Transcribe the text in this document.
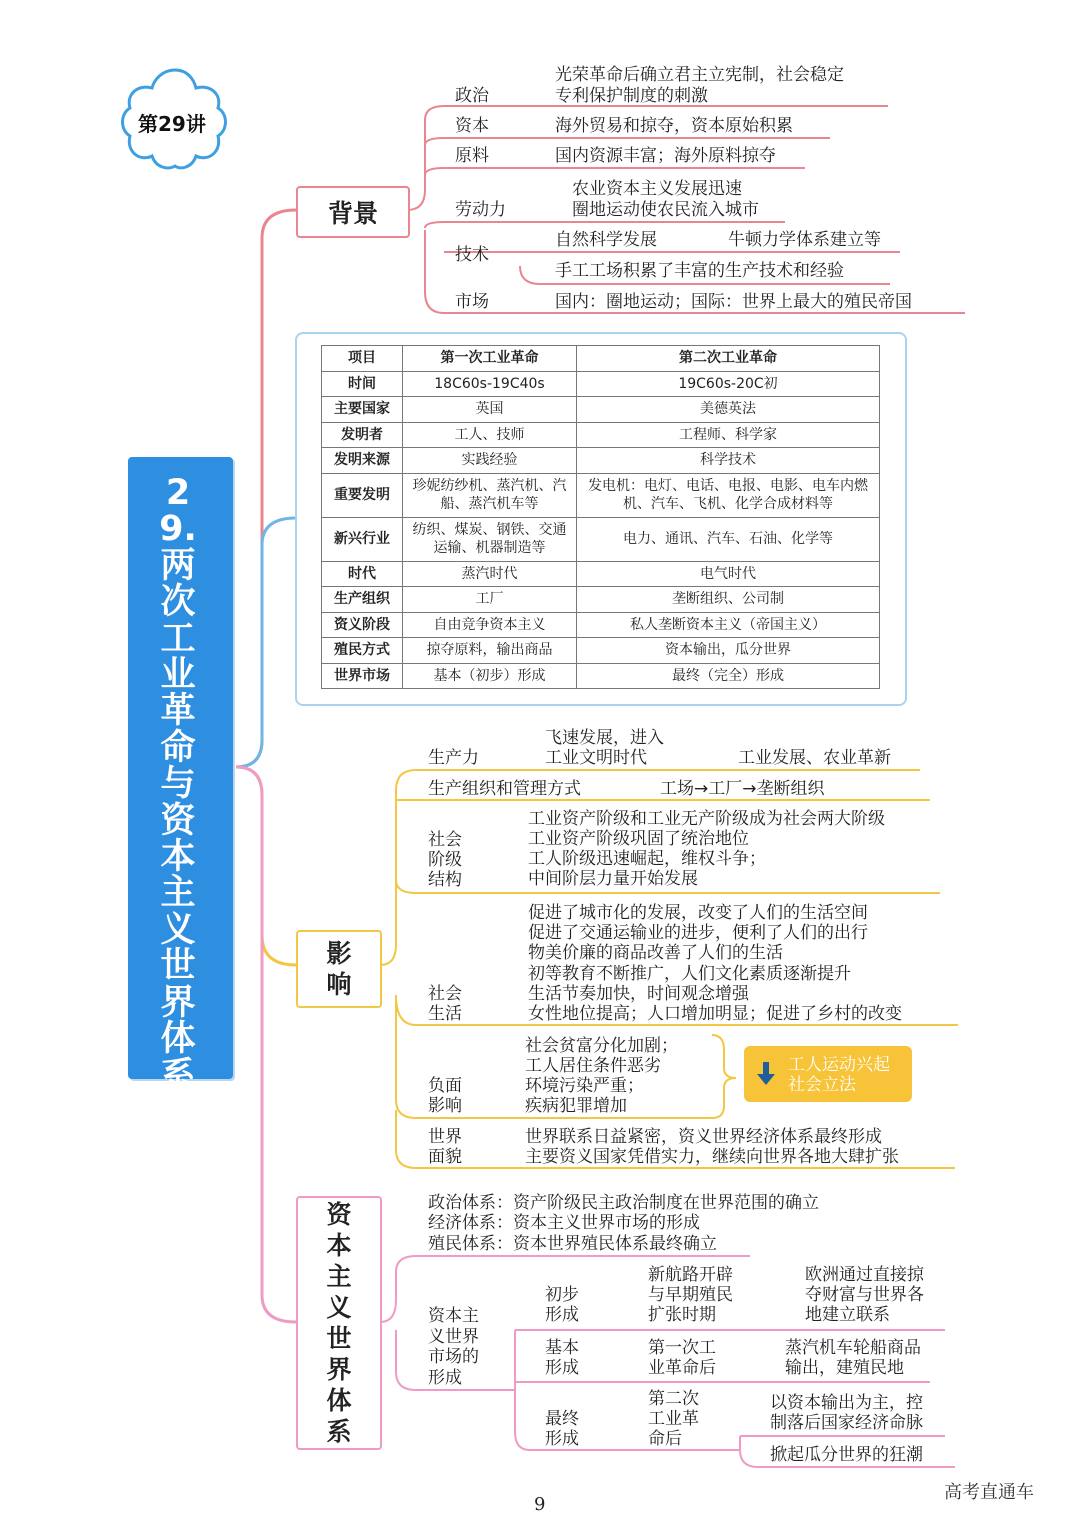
第29讲
29.两次工业革命与资本主义世界体系
背景
影响
资本主义世界体系
政治
光荣革命后确立君主立宪制，社会稳定
专利保护制度的刺激
资本	海外贸易和掠夺，资本原始积累
原料	国内资源丰富；海外原料掠夺
劳动力
农业资本主义发展迅速
圈地运动使农民流入城市
技术
自然科学发展	牛顿力学体系建立等
手工工场积累了丰富的生产技术和经验
市场	国内：圈地运动；国际：世界上最大的殖民帝国
项目	第一次工业革命	第二次工业革命
时间	18C60s-19C40s	19C60s-20C初
主要国家	英国	美德英法
发明者	工人、技师	工程师、科学家
发明来源	实践经验	科学技术
重要发明	珍妮纺纱机、蒸汽机、汽船、蒸汽机车等	发电机：电灯、电话、电报、电影、电车内燃机、汽车、飞机、化学合成材料等
新兴行业	纺织、煤炭、钢铁、交通运输、机器制造等	电力、通讯、汽车、石油、化学等
时代	蒸汽时代	电气时代
生产组织	工厂	垄断组织、公司制
资义阶段	自由竞争资本主义	私人垄断资本主义（帝国主义）
殖民方式	掠夺原料，输出商品	资本输出，瓜分世界
世界市场	基本（初步）形成	最终（完全）形成
生产力
飞速发展，进入
工业文明时代	工业发展、农业革新
生产组织和管理方式	工场→工厂→垄断组织
社会
阶级
结构
工业资产阶级和工业无产阶级成为社会两大阶级
工业资产阶级巩固了统治地位
工人阶级迅速崛起，维权斗争；
中间阶层力量开始发展
社会
生活
促进了城市化的发展，改变了人们的生活空间
促进了交通运输业的进步，便利了人们的出行
物美价廉的商品改善了人们的生活
初等教育不断推广，人们文化素质逐渐提升
生活节奏加快，时间观念增强
女性地位提高；人口增加明显；促进了乡村的改变
负面
影响
社会贫富分化加剧；
工人居住条件恶劣
环境污染严重；
疾病犯罪增加
工人运动兴起
社会立法
世界
面貌
世界联系日益紧密，资义世界经济体系最终形成
主要资义国家凭借实力，继续向世界各地大肆扩张
政治体系：资产阶级民主政治制度在世界范围的确立
经济体系：资本主义世界市场的形成
殖民体系：资本世界殖民体系最终确立
资本主
义世界
市场的
形成
初步
形成
新航路开辟
与早期殖民
扩张时期
欧洲通过直接掠
夺财富与世界各
地建立联系
基本
形成
第一次工
业革命后
蒸汽机车轮船商品
输出，建殖民地
最终
形成
第二次
工业革
命后
以资本输出为主，控
制落后国家经济命脉
掀起瓜分世界的狂潮
9
高考直通车
